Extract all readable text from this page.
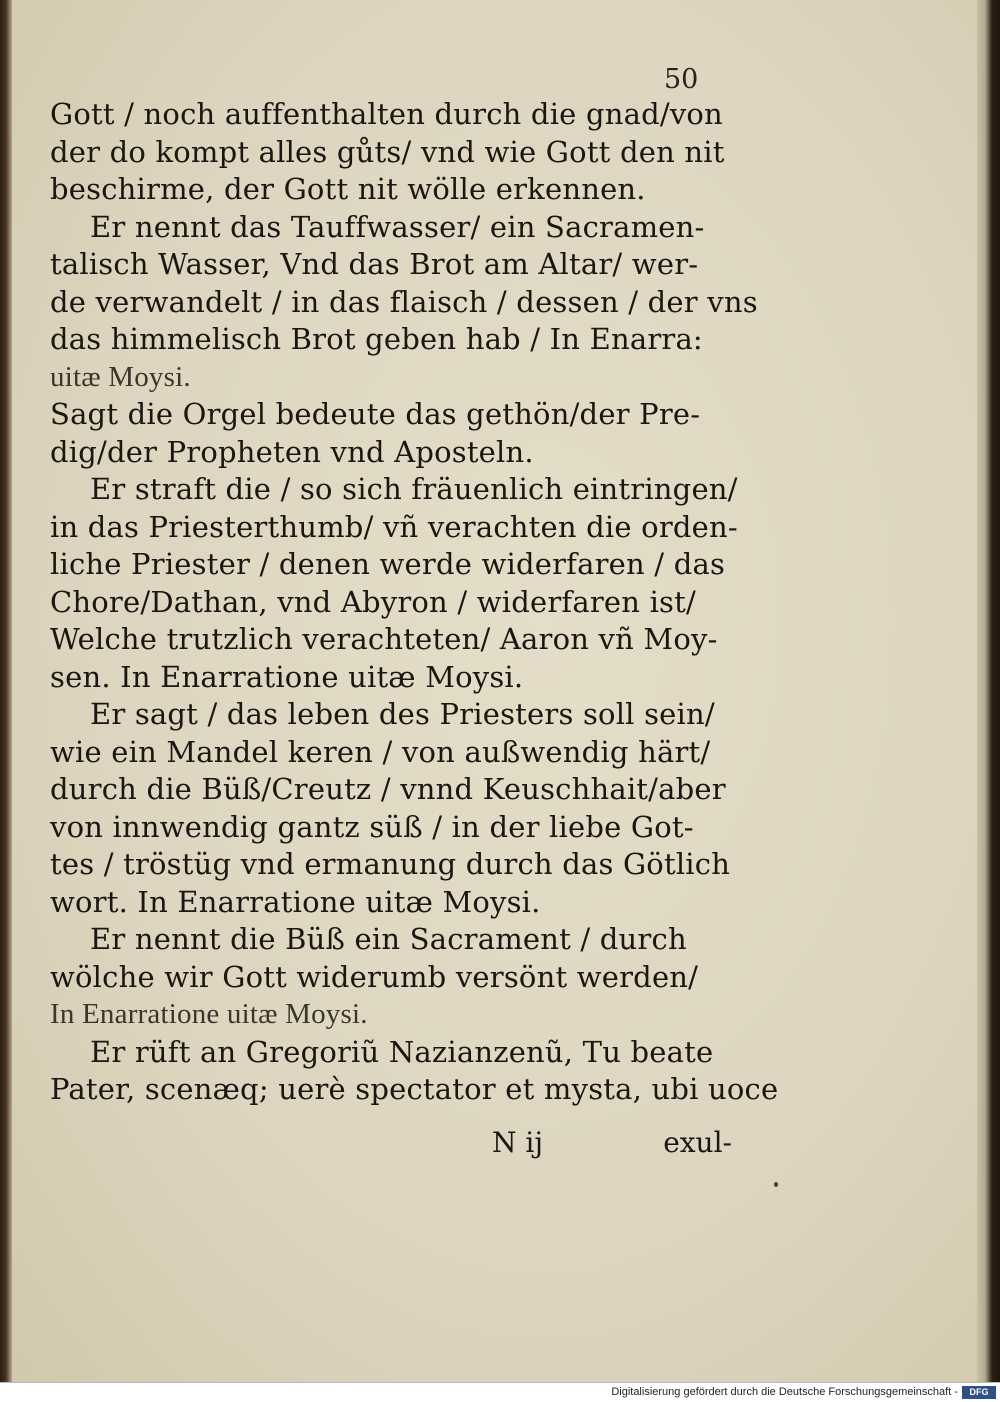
50
Gott / noch auffenthalten durch die gnad/von
der do kompt alles gůts/ vnd wie Gott den nit
beschirme, der Gott nit wölle erkennen.
Er nennt das Tauffwasser/ ein Sacramen-
talisch Wasser, Vnd das Brot am Altar/ wer-
de verwandelt / in das flaisch / dessen / der vns
das himmelisch Brot geben hab / In Enarra:
uitæ Moysi.
Sagt die Orgel bedeute das gethön/der Pre-
dig/der Propheten vnd Aposteln.
Er straft die / so sich fräuenlich eintringen/
in das Priesterthumb/ vñ verachten die orden-
liche Priester / denen werde widerfaren / das
Chore/Dathan, vnd Abyron / widerfaren ist/
Welche trutzlich verachteten/ Aaron vñ Moy-
sen. In Enarratione uitæ Moysi.
Er sagt / das leben des Priesters soll sein/
wie ein Mandel keren / von außwendig härt/
durch die Büß/Creutz / vnnd Keuschhait/aber
von innwendig gantz süß / in der liebe Got-
tes / tröstüg vnd ermanung durch das Götlich
wort. In Enarratione uitæ Moysi.
Er nennt die Büß ein Sacrament / durch
wölche wir Gott widerumb versönt werden/
In Enarratione uitæ Moysi.
Er rüft an Gregoriũ Nazianzenũ, Tu beate
Pater, scenæq; uerè spectator et mysta, ubi uoce
N ij	exul-
Digitalisierung gefördert durch die Deutsche Forschungsgemeinschaft -	DFG
